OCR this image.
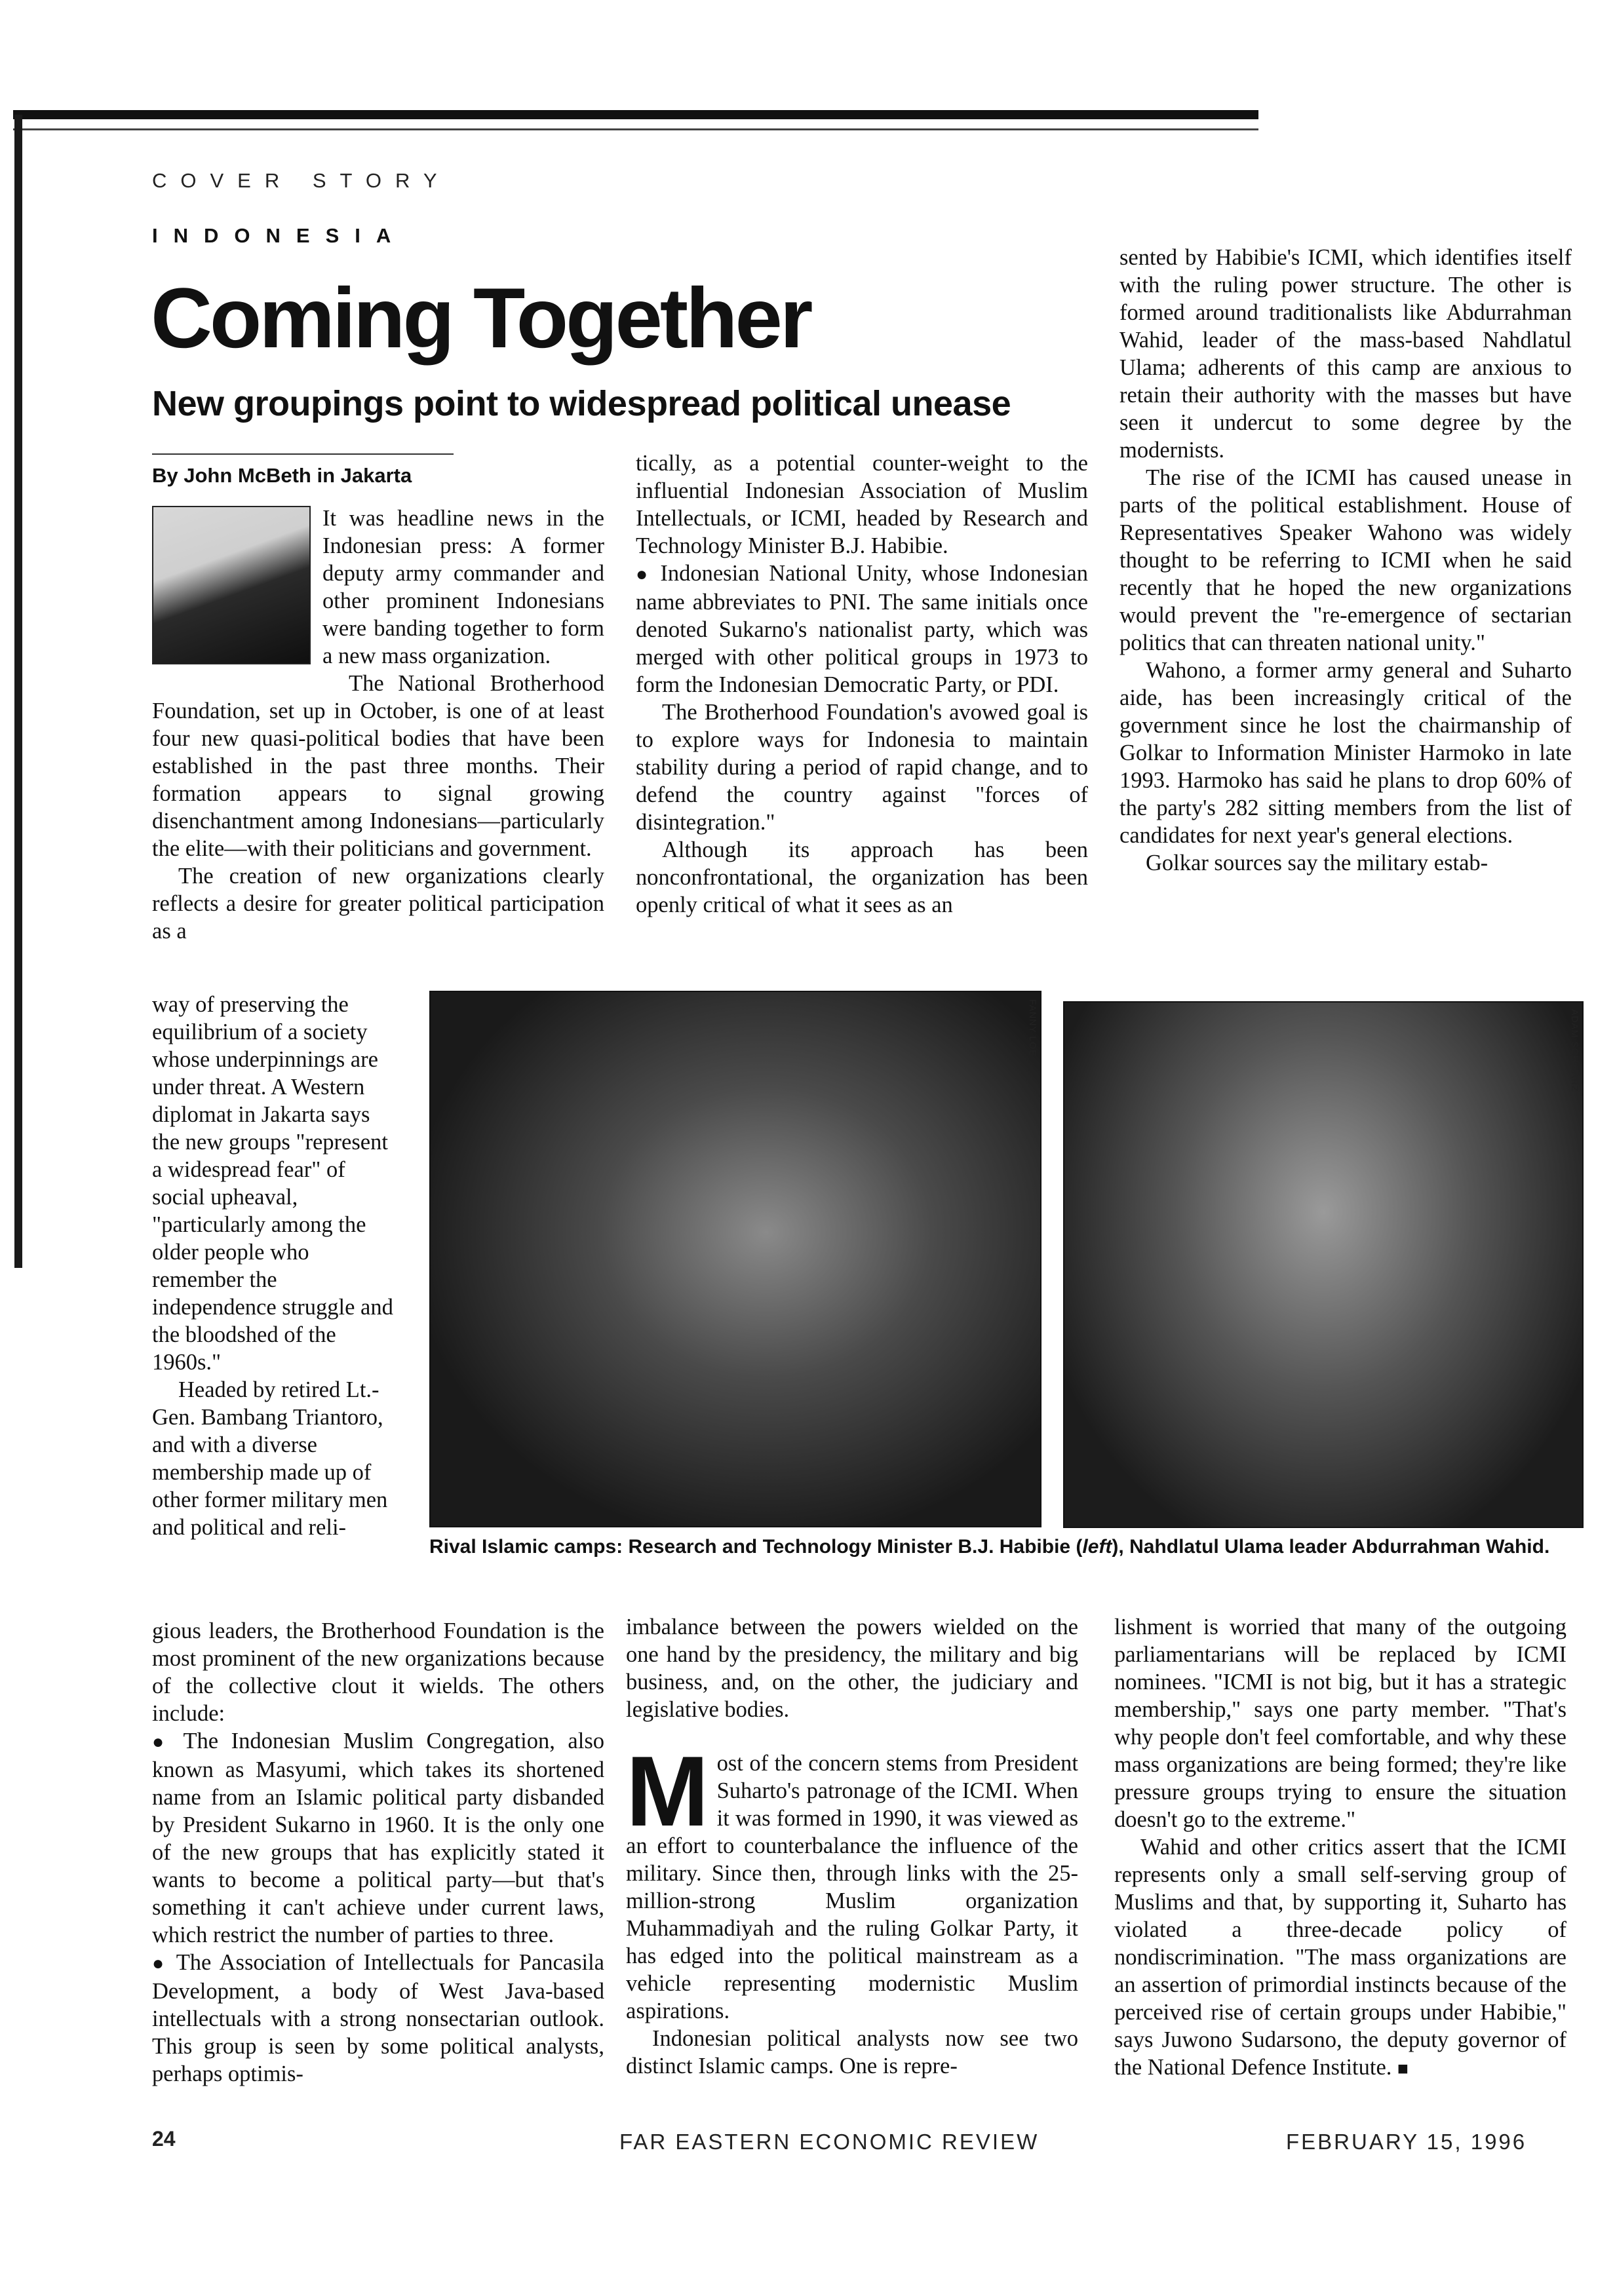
COVER STORY
INDONESIA
Coming Together
New groupings point to widespread political unease
By John McBeth in Jakarta

It was headline news in the Indonesian press: A former deputy army commander and other prominent Indonesians were banding together to form a new mass organization.

The National Brotherhood Foundation, set up in October, is one of at least four new quasi-political bodies that have been established in the past three months. Their formation appears to signal growing disenchantment among Indonesians—particularly the elite—with their politicians and government.

The creation of new organizations clearly reflects a desire for greater political participation as a

way of preserving the equilibrium of a society whose underpinnings are under threat. A Western diplomat in Jakarta says the new groups "represent a widespread fear" of social upheaval, "particularly among the older people who remember the independence struggle and the bloodshed of the 1960s."

Headed by retired Lt.-Gen. Bambang Triantoro, and with a diverse membership made up of other former military men and political and reli-

gious leaders, the Brotherhood Foundation is the most prominent of the new organizations because of the collective clout it wields. The others include:

● The Indonesian Muslim Congregation, also known as Masyumi, which takes its shortened name from an Islamic political party disbanded by President Sukarno in 1960. It is the only one of the new groups that has explicitly stated it wants to become a political party—but that's something it can't achieve under current laws, which restrict the number of parties to three.

● The Association of Intellectuals for Pancasila Development, a body of West Java-based intellectuals with a strong nonsectarian outlook. This group is seen by some political analysts, perhaps optimis-

tically, as a potential counter-weight to the influential Indonesian Association of Muslim Intellectuals, or ICMI, headed by Research and Technology Minister B.J. Habibie.

● Indonesian National Unity, whose Indonesian name abbreviates to PNI. The same initials once denoted Sukarno's nationalist party, which was merged with other political groups in 1973 to form the Indonesian Democratic Party, or PDI.

The Brotherhood Foundation's avowed goal is to explore ways for Indonesia to maintain stability during a period of rapid change, and to defend the country against "forces of disintegration."

Although its approach has been nonconfrontational, the organization has been openly critical of what it sees as an

imbalance between the powers wielded on the one hand by the presidency, the military and big business, and, on the other, the judiciary and legislative bodies.

Most of the concern stems from President Suharto's patronage of the ICMI. When it was formed in 1990, it was viewed as an effort to counterbalance the influence of the military. Since then, through links with the 25-million-strong Muslim organization Muhammadiyah and the ruling Golkar Party, it has edged into the political mainstream as a vehicle representing modernistic Muslim aspirations.

Indonesian political analysts now see two distinct Islamic camps. One is repre-

sented by Habibie's ICMI, which identifies itself with the ruling power structure. The other is formed around traditionalists like Abdurrahman Wahid, leader of the mass-based Nahdlatul Ulama; adherents of this camp are anxious to retain their authority with the masses but have seen it undercut to some degree by the modernists.

The rise of the ICMI has caused unease in parts of the political establishment. House of Representatives Speaker Wahono was widely thought to be referring to ICMI when he said recently that he hoped the new organizations would prevent the "re-emergence of sectarian politics that can threaten national unity."

Wahono, a former army general and Suharto aide, has been increasingly critical of the government since he lost the chairmanship of Golkar to Information Minister Harmoko in late 1993. Harmoko has said he plans to drop 60% of the party's 282 sitting members from the list of candidates for next year's general elections.

Golkar sources say the military estab-

lishment is worried that many of the outgoing parliamentarians will be replaced by ICMI nominees. "ICMI is not big, but it has a strategic membership," says one party member. "That's why people don't feel comfortable, and why these mass organizations are being formed; they're like pressure groups trying to ensure the situation doesn't go to the extreme."

Wahid and other critics assert that the ICMI represents only a small self-serving group of Muslims and that, by supporting it, Suharto has violated a three-decade policy of nondiscrimination. "The mass organizations are an assertion of primordial instincts because of the perceived rise of certain groups under Habibie," says Juwono Sudarsono, the deputy governor of the National Defence Institute. ■

FANNY LOE	ADAM SCHWARZ
Rival Islamic camps: Research and Technology Minister B.J. Habibie (left), Nahdlatul Ulama leader Abdurrahman Wahid.
24	FAR EASTERN ECONOMIC REVIEW	FEBRUARY 15, 1996
